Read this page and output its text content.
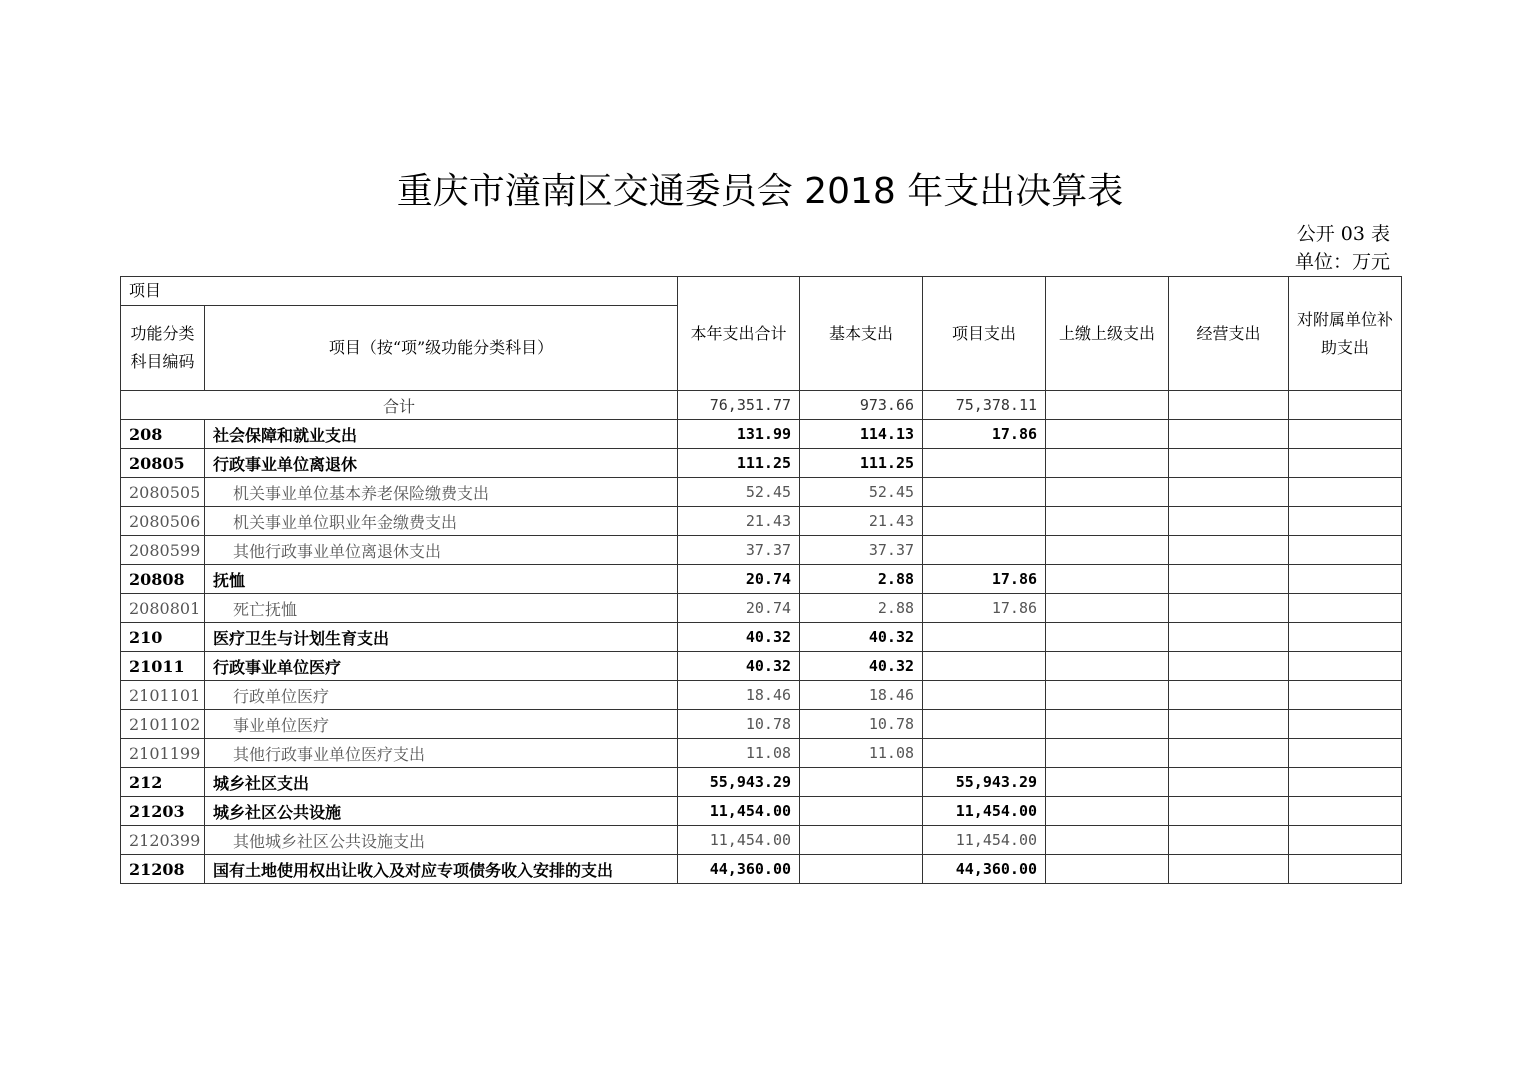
重庆市潼南区交通委员会 2018 年支出决算表
公开 03 表
单位：万元
项目		本年支出合计	基本支出	项目支出	上缴上级支出	经营支出	对附属单位补助支出
功能分类科目编码	项目（按“项”级功能分类科目）						
合计		76,351.77	973.66	75,378.11			
208	社会保障和就业支出	131.99	114.13	17.86			
20805	行政事业单位离退休	111.25	111.25				
2080505	机关事业单位基本养老保险缴费支出	52.45	52.45				
2080506	机关事业单位职业年金缴费支出	21.43	21.43				
2080599	其他行政事业单位离退休支出	37.37	37.37				
20808	抚恤	20.74	2.88	17.86			
2080801	死亡抚恤	20.74	2.88	17.86			
210	医疗卫生与计划生育支出	40.32	40.32				
21011	行政事业单位医疗	40.32	40.32				
2101101	行政单位医疗	18.46	18.46				
2101102	事业单位医疗	10.78	10.78				
2101199	其他行政事业单位医疗支出	11.08	11.08				
212	城乡社区支出	55,943.29		55,943.29			
21203	城乡社区公共设施	11,454.00		11,454.00			
2120399	其他城乡社区公共设施支出	11,454.00		11,454.00			
21208	国有土地使用权出让收入及对应专项债务收入安排的支出	44,360.00		44,360.00			
